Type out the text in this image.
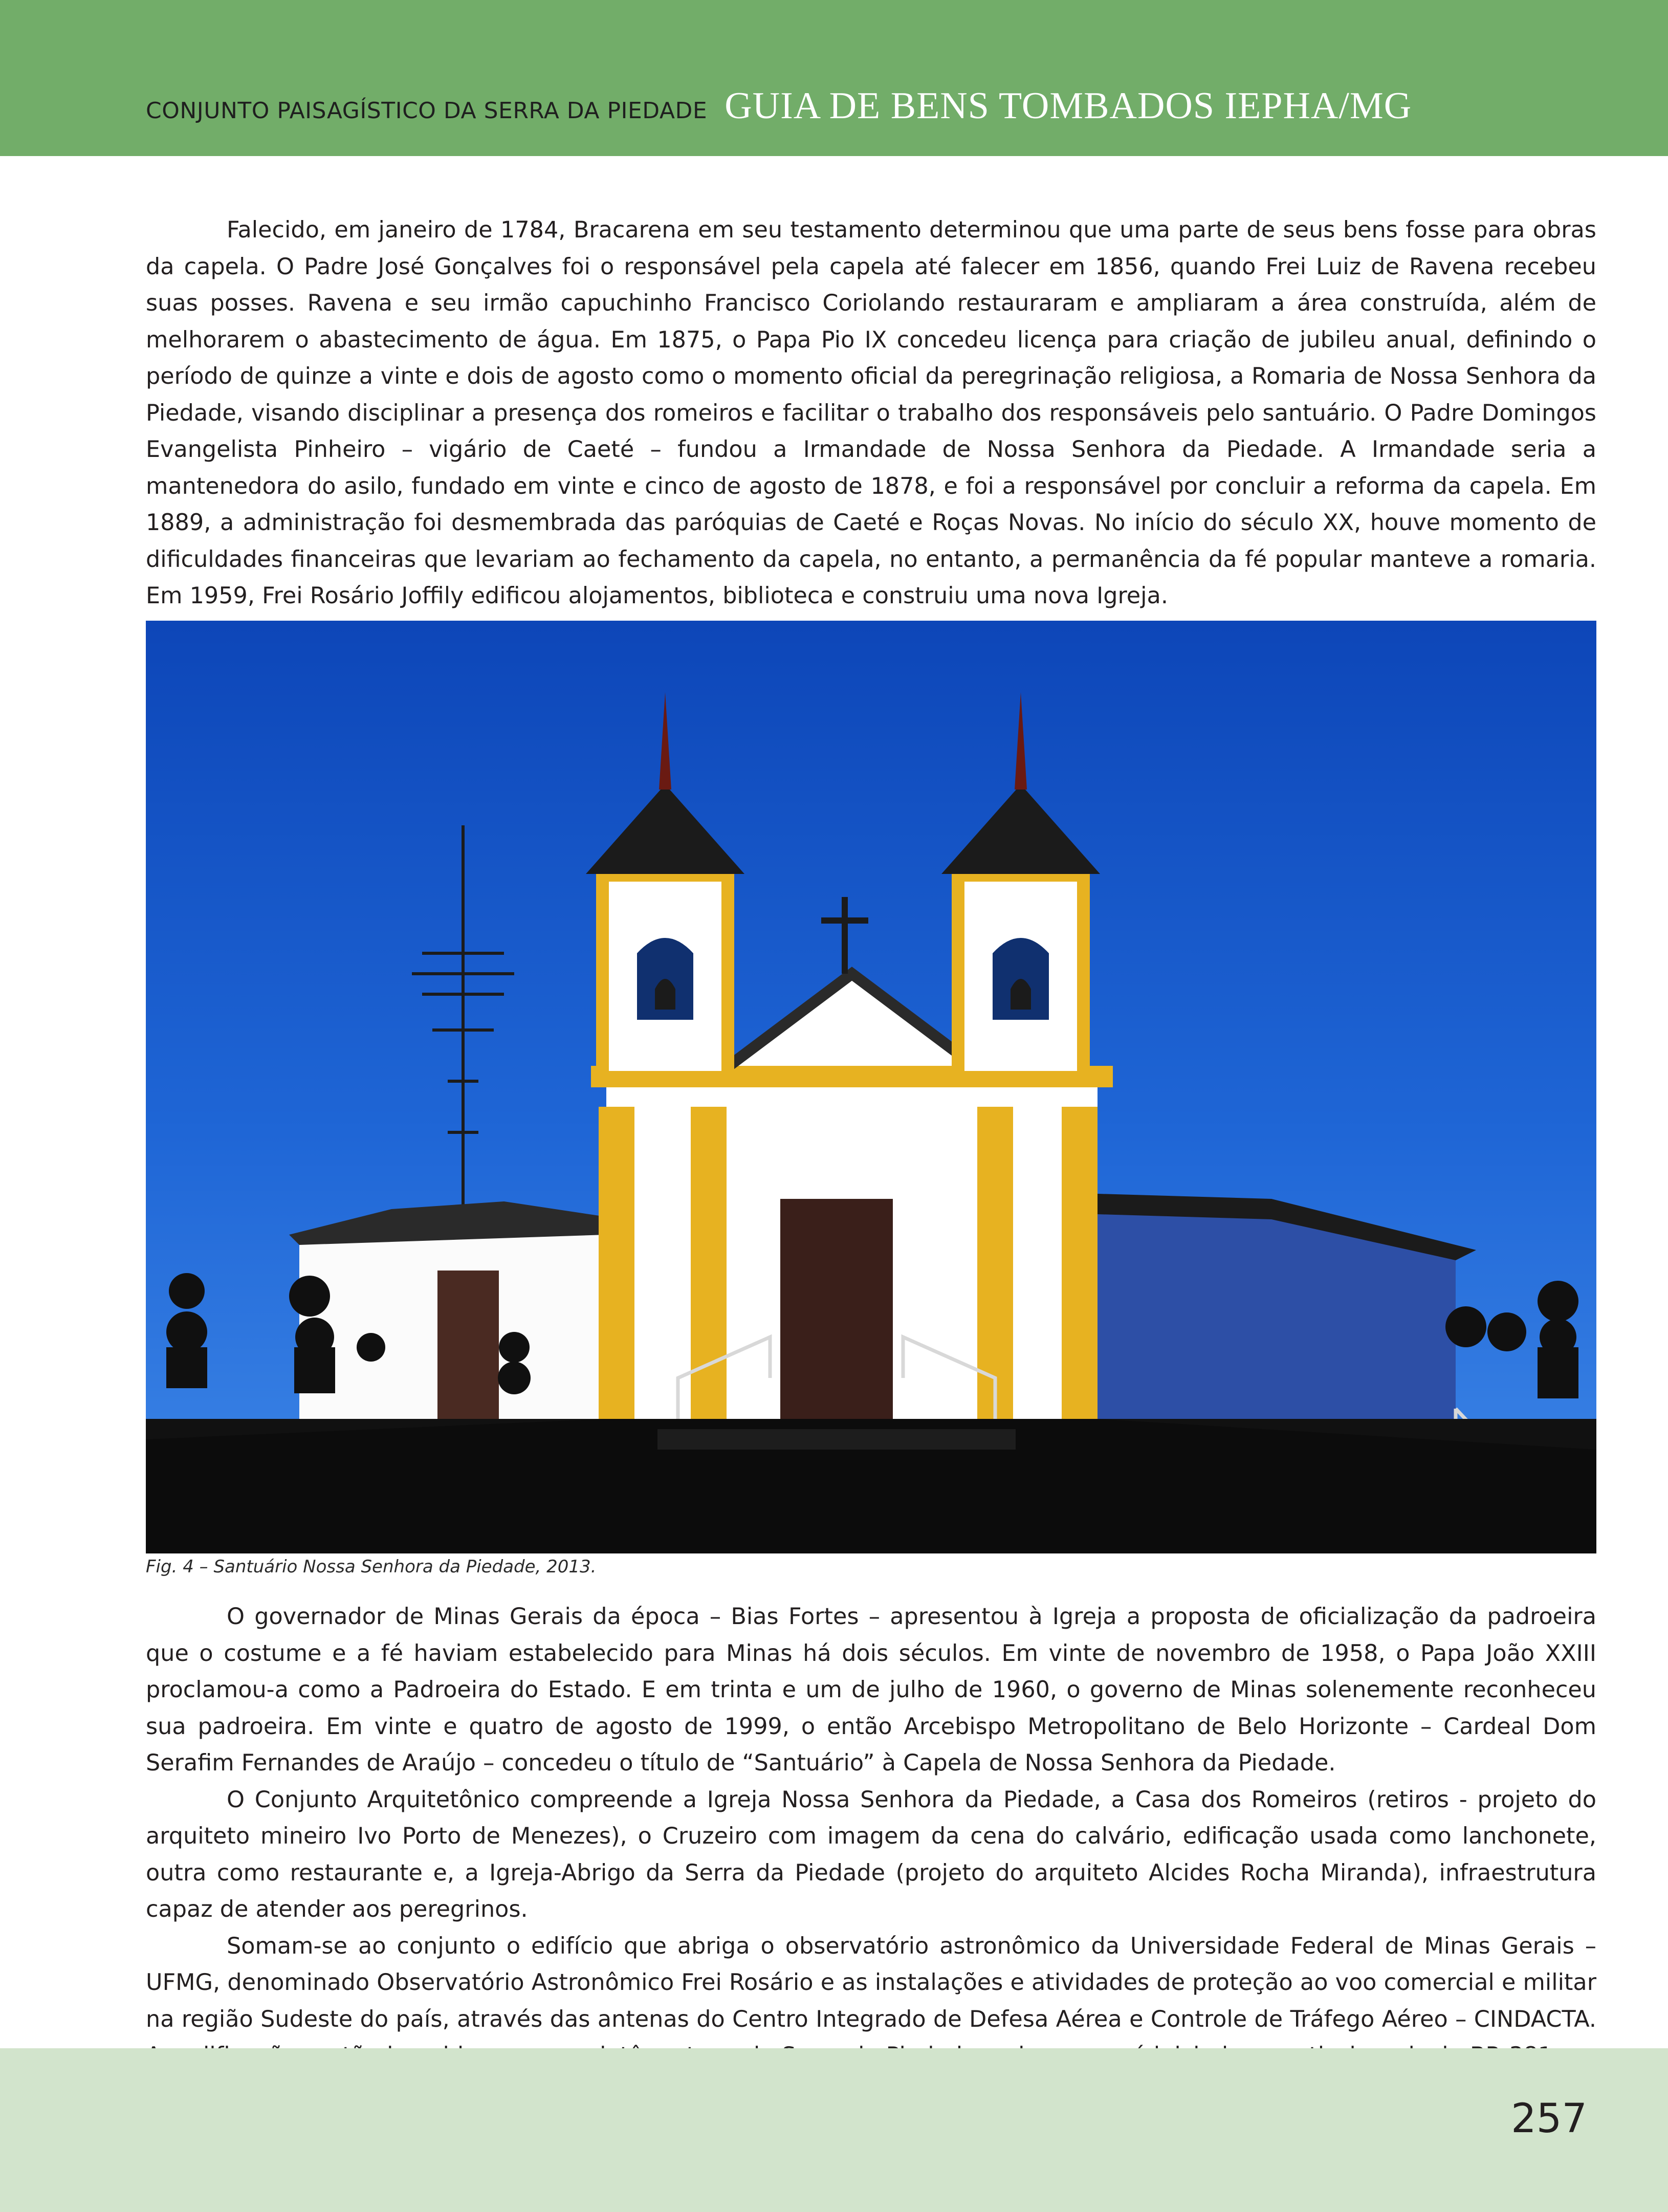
CONJUNTO PAISAGÍSTICO DA SERRA DA PIEDADE GUIA DE BENS TOMBADOS IEPHA/MG

Falecido, em janeiro de 1784, Bracarena em seu testamento determinou que uma parte de seus bens fosse para obras da capela. O Padre José Gonçalves foi o responsável pela capela até falecer em 1856, quando Frei Luiz de Ravena recebeu suas posses. Ravena e seu irmão capuchinho Francisco Coriolando restauraram e ampliaram a área construída, além de melhorarem o abastecimento de água. Em 1875, o Papa Pio IX concedeu licença para criação de jubileu anual, definindo o período de quinze a vinte e dois de agosto como o momento oficial da peregrinação religiosa, a Romaria de Nossa Senhora da Piedade, visando disciplinar a presença dos romeiros e facilitar o trabalho dos responsáveis pelo santuário. O Padre Domingos Evangelista Pinheiro – vigário de Caeté – fundou a Irmandade de Nossa Senhora da Piedade. A Irmandade seria a mantenedora do asilo, fundado em vinte e cinco de agosto de 1878, e foi a responsável por concluir a reforma da capela. Em 1889, a administração foi desmembrada das paróquias de Caeté e Roças Novas. No início do século XX, houve momento de dificuldades financeiras que levariam ao fechamento da capela, no entanto, a permanência da fé popular manteve a romaria. Em 1959, Frei Rosário Joffily edificou alojamentos, biblioteca e construiu uma nova Igreja.

Fig. 4 – Santuário Nossa Senhora da Piedade, 2013.

O governador de Minas Gerais da época – Bias Fortes – apresentou à Igreja a proposta de oficialização da padroeira que o costume e a fé haviam estabelecido para Minas há dois séculos. Em vinte de novembro de 1958, o Papa João XXIII proclamou-a como a Padroeira do Estado. E em trinta e um de julho de 1960, o governo de Minas solenemente reconheceu sua padroeira. Em vinte e quatro de agosto de 1999, o então Arcebispo Metropolitano de Belo Horizonte – Cardeal Dom Serafim Fernandes de Araújo – concedeu o título de “Santuário” à Capela de Nossa Senhora da Piedade.

O Conjunto Arquitetônico compreende a Igreja Nossa Senhora da Piedade, a Casa dos Romeiros (retiros - projeto do arquiteto mineiro Ivo Porto de Menezes), o Cruzeiro com imagem da cena do calvário, edificação usada como lanchonete, outra como restaurante e, a Igreja-Abrigo da Serra da Piedade (projeto do arquiteto Alcides Rocha Miranda), infraestrutura capaz de atender aos peregrinos.

Somam-se ao conjunto o edifício que abriga o observatório astronômico da Universidade Federal de Minas Gerais – UFMG, denominado Observatório Astronômico Frei Rosário e as instalações e atividades de proteção ao voo comercial e militar na região Sudeste do país, através das antenas do Centro Integrado de Defesa Aérea e Controle de Tráfego Aéreo – CINDACTA.

257
